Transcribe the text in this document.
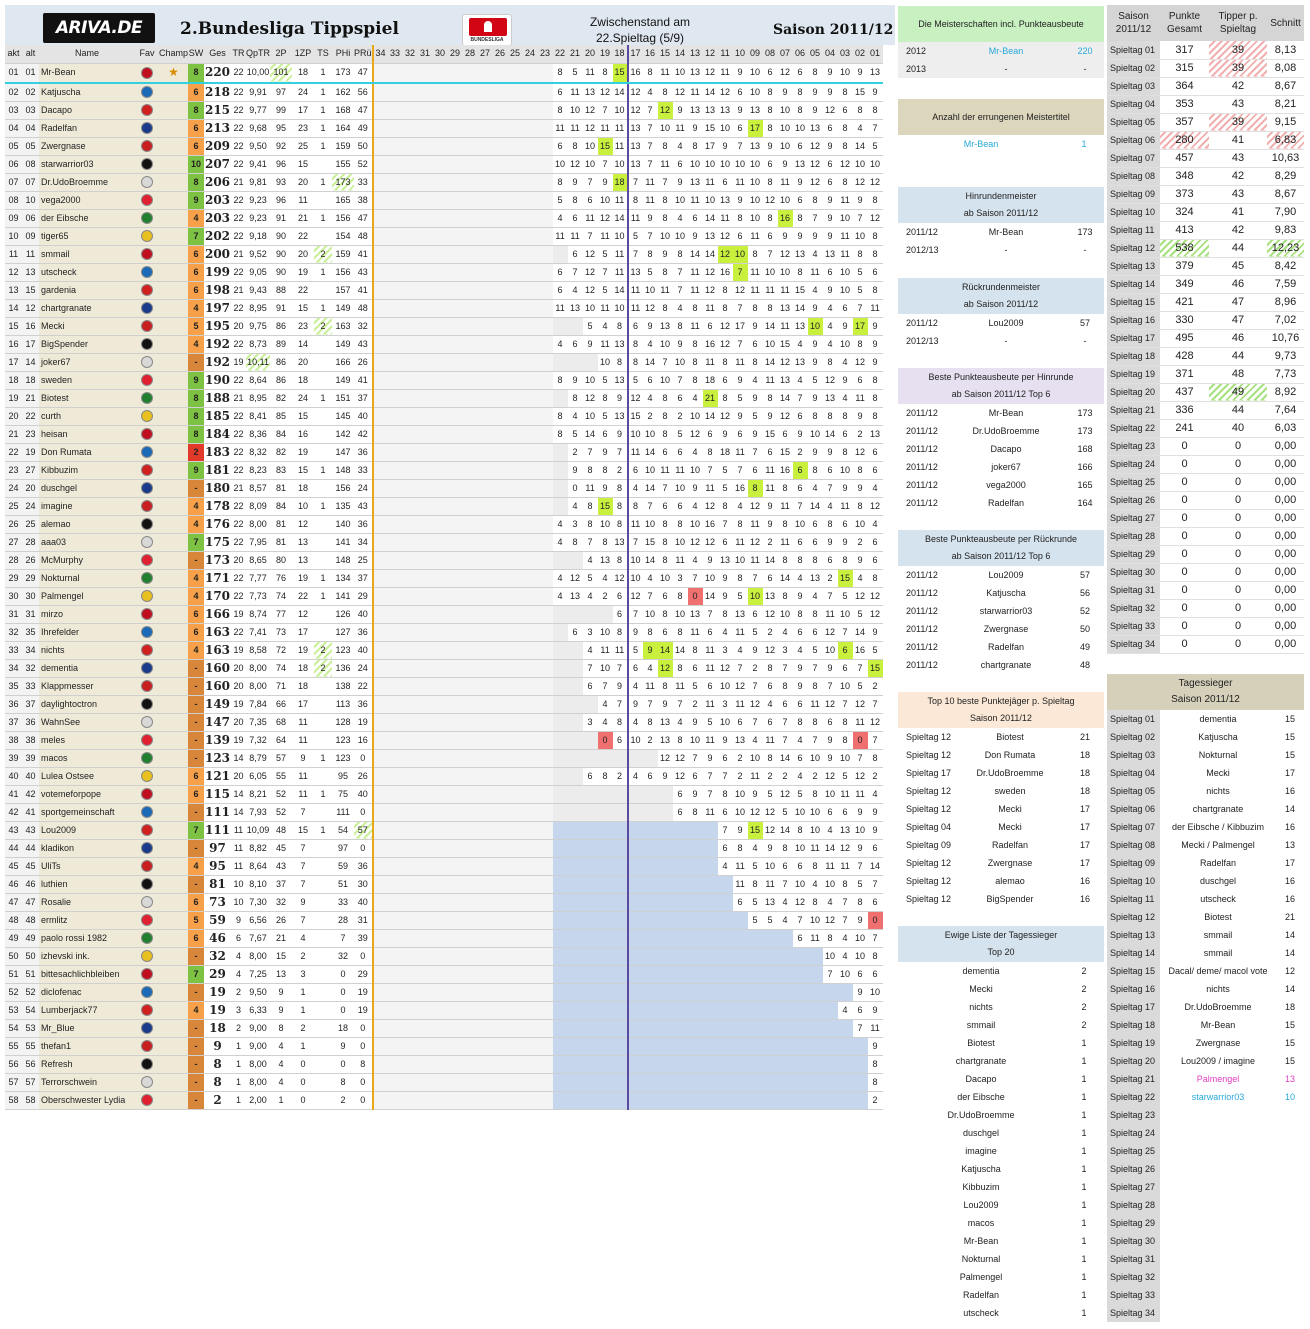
ARIVA.DE 2.Bundesliga Tippspiel
BUNDESLIGA
Zwischenstand am
22.Spieltag (5/9)	Saison 2011/12
akt	alt	Name	Fav	Champ	SW	Ges	TR	QpTR	2P	1ZP	TS	PHi	PRü	34	33	32	31	30	29	28	27	26	25	24	23	22	21	20	19	18	17	16	15	14	13	12	11	10	09	08	07	06	05	04	03	02	01
01	01	Mr-Bean		★	8	220	22	10,00	101	18	1	173	47													8	5	11	8	15	16	8	11	10	13	12	11	9	10	6	12	6	8	9	10	9	13
02	02	Katjuscha			6	218	22	9,91	97	24	1	162	56													6	11	13	12	14	12	4	8	12	11	14	12	6	10	8	9	8	9	9	8	15	9
03	03	Dacapo			8	215	22	9,77	99	17	1	168	47													8	10	12	7	10	12	7	12	9	13	13	13	9	13	8	10	8	9	12	6	8	8
04	04	Radelfan			6	213	22	9,68	95	23	1	164	49													11	11	12	11	11	13	7	10	11	9	15	10	6	17	8	10	10	13	6	8	4	7
05	05	Zwergnase			6	209	22	9,50	92	25	1	159	50													6	8	10	15	11	13	7	8	4	8	17	9	7	13	9	10	6	12	9	8	14	5
06	08	starwarrior03			10	207	22	9,41	96	15		155	52													10	12	10	7	10	13	7	11	6	10	10	10	10	10	6	9	13	12	6	12	10	10
07	07	Dr.UdoBroemme			8	206	21	9,81	93	20	1	173	33													8	9	7	9	18	7	11	7	9	13	11	6	11	10	8	11	9	12	6	8	12	12
08	10	vega2000			9	203	22	9,23	96	11		165	38													5	8	6	10	11	8	11	8	10	11	10	13	9	10	12	10	6	8	9	11	9	8
09	06	der Eibsche			4	203	22	9,23	91	21	1	156	47													4	6	11	12	14	11	9	8	4	6	14	11	8	10	8	16	8	7	9	10	7	12
10	09	tiger65			7	202	22	9,18	90	22		154	48													11	11	7	11	10	5	7	10	10	9	13	12	6	11	6	9	9	9	9	11	10	8
11	11	smmail			6	200	21	9,52	90	20	2	159	41														6	12	5	11	7	8	9	8	14	14	12	10	8	7	12	13	4	13	11	8	8
12	13	utscheck			6	199	22	9,05	90	19	1	156	43													6	7	12	7	11	13	5	8	7	11	12	16	7	11	10	10	8	11	6	10	5	6
13	15	gardenia			6	198	21	9,43	88	22		157	41													6	4	12	5	14	11	10	11	7	11	12	8	12	11	11	11	15	4	9	10	5	8
14	12	chartgranate			4	197	22	8,95	91	15	1	149	48													11	13	10	11	10	11	12	8	4	8	11	8	7	8	8	13	14	9	4	6	7	11
15	16	Mecki			5	195	20	9,75	86	23	2	163	32															5	4	8	6	9	13	8	11	6	12	17	9	14	11	13	10	4	9	17	9
16	17	BigSpender			4	192	22	8,73	89	14		149	43													4	6	9	11	13	8	4	10	9	8	16	12	7	6	10	15	4	9	4	10	8	9
17	14	joker67			-	192	19	10,11	86	20		166	26																10	8	8	14	7	10	8	11	8	11	8	14	12	13	9	8	4	12	9
18	18	sweden			9	190	22	8,64	86	18		149	41													8	9	10	5	13	5	6	10	7	8	18	6	9	4	11	13	4	5	12	9	6	8
19	21	Biotest			8	188	21	8,95	82	24	1	151	37														8	12	8	9	12	4	8	6	4	21	8	5	9	8	14	7	9	13	4	11	8
20	22	curth			8	185	22	8,41	85	15		145	40													8	4	10	5	13	15	2	8	2	10	14	12	9	5	9	12	6	8	8	8	9	8
21	23	heisan			8	184	22	8,36	84	16		142	42													8	5	14	6	9	10	10	8	5	12	6	9	6	9	15	6	9	10	14	6	2	13
22	19	Don Rumata			2	183	22	8,32	82	19		147	36														2	7	9	7	11	14	6	6	4	8	18	11	7	6	15	2	9	9	8	12	6
23	27	Kibbuzim			9	181	22	8,23	83	15	1	148	33														9	8	8	2	6	10	11	11	10	7	5	7	6	11	16	6	8	6	10	8	6
24	20	duschgel			-	180	21	8,57	81	18		156	24														0	11	9	8	4	14	7	10	9	11	5	16	8	11	8	6	4	7	9	9	4
25	24	imagine			4	178	22	8,09	84	10	1	135	43														4	8	15	8	8	7	6	6	4	12	8	4	12	9	11	7	14	4	11	8	12
26	25	alemao			4	176	22	8,00	81	12		140	36													4	3	8	10	8	11	10	8	8	10	16	7	8	11	9	8	10	6	8	6	10	4
27	28	aaa03			7	175	22	7,95	81	13		141	34													4	8	7	8	13	7	15	8	10	12	12	6	11	12	2	11	6	6	9	9	2	6
28	26	McMurphy			-	173	20	8,65	80	13		148	25															4	13	8	10	14	8	11	4	9	13	10	11	14	8	8	8	6	8	9	6
29	29	Nokturnal			4	171	22	7,77	76	19	1	134	37													4	12	5	4	12	10	4	10	3	7	10	9	8	7	6	14	4	13	2	15	4	8
30	30	Palmengel			4	170	22	7,73	74	22	1	141	29													4	13	4	2	6	12	7	6	8	0	14	9	5	10	13	8	9	4	7	5	12	12
31	31	mirzo			6	166	19	8,74	77	12		126	40																	6	7	10	8	10	13	7	8	13	6	12	10	8	8	11	10	5	12
32	35	Ihrefelder			6	163	22	7,41	73	17		127	36														6	3	10	8	9	8	6	8	11	6	4	11	5	2	4	6	6	12	7	14	9
33	34	nichts			4	163	19	8,58	72	19	2	123	40															4	11	11	5	9	14	14	8	11	3	4	9	12	3	4	5	10	6	16	5
34	32	dementia			-	160	20	8,00	74	18	2	136	24															7	10	7	6	4	12	8	6	11	12	7	2	8	7	9	7	9	6	7	15
35	33	Klappmesser			-	160	20	8,00	71	18		138	22															6	7	9	4	11	8	11	5	6	10	12	7	6	8	9	8	7	10	5	2
36	37	daylightoctron			-	149	19	7,84	66	17		113	36																4	7	9	7	9	7	2	11	3	11	12	4	6	6	11	12	7	12	7
37	36	WahnSee			-	147	20	7,35	68	11		128	19															3	4	8	4	8	13	4	9	5	10	6	7	6	7	8	8	6	8	11	12
38	38	meles			-	139	19	7,32	64	11		123	16																0	6	10	2	13	8	10	11	9	13	4	11	7	4	7	9	8	0	7
39	39	macos			-	123	14	8,79	57	9	1	123	0																				12	12	7	9	6	2	10	8	14	6	10	9	10	7	8
40	40	Lulea Ostsee			6	121	20	6,05	55	11		95	26															6	8	2	4	6	9	12	6	7	7	2	11	2	2	4	2	12	5	12	2
41	42	votemeforpope			6	115	14	8,21	52	11	1	75	40																					6	9	7	8	10	9	5	12	5	8	10	11	11	4
42	41	sportgemeinschaft			-	111	14	7,93	52	7		111	0																					6	8	11	6	10	12	12	5	10	10	6	6	9	9
43	43	Lou2009			7	111	11	10,09	48	15	1	54	57																								7	9	15	12	14	8	10	4	13	10	9
44	44	kladikon			-	97	11	8,82	45	7		97	0																								6	8	4	9	8	10	11	14	12	9	6
45	45	UliTs			4	95	11	8,64	43	7		59	36																								4	11	5	10	6	6	8	11	11	7	14
46	46	luthien			-	81	10	8,10	37	7		51	30																									11	8	11	7	10	4	10	8	5	7
47	47	Rosalie			6	73	10	7,30	32	9		33	40																									6	5	13	4	12	8	4	7	8	6
48	48	ermlitz			5	59	9	6,56	26	7		28	31																										5	5	4	7	10	12	7	9	0
49	49	paolo rossi 1982			6	46	6	7,67	21	4		7	39																													6	11	8	4	10	7
50	50	izhevski ink.			-	32	4	8,00	15	2		32	0																															10	4	10	8
51	51	bittesachlichbleiben			7	29	4	7,25	13	3		0	29																															7	10	6	6
52	52	diclofenac			-	19	2	9,50	9	1		0	19																																	9	10
53	54	Lumberjack77			4	19	3	6,33	9	1		0	19																																4	6	9
54	53	Mr_Blue			-	18	2	9,00	8	2		18	0																																	7	11
55	55	thefan1			-	9	1	9,00	4	1		9	0																																		9
56	56	Refresh			-	8	1	8,00	4	0		0	8																																		8
57	57	Terrorschwein			-	8	1	8,00	4	0		8	0																																		8
58	58	Oberschwester Lydia			-	2	1	2,00	1	0		2	0																																		2
Die Meisterschaften incl. Punkteausbeute
2012	Mr-Bean	220
2013	-	-
Anzahl der errungenen Meistertitel
Mr-Bean	1
Hinrundenmeister
ab Saison 2011/12
2011/12	Mr-Bean	173
2012/13	-	-
Rückrundenmeister
ab Saison 2011/12
2011/12	Lou2009	57
2012/13	-	-
Beste Punkteausbeute per Hinrunde
ab Saison 2011/12 Top 6
2011/12	Mr-Bean	173
2011/12	Dr.UdoBroemme	173
2011/12	Dacapo	168
2011/12	joker67	166
2011/12	vega2000	165
2011/12	Radelfan	164
Beste Punkteausbeute per Rückrunde
ab Saison 2011/12 Top 6
2011/12	Lou2009	57
2011/12	Katjuscha	56
2011/12	starwarrior03	52
2011/12	Zwergnase	50
2011/12	Radelfan	49
2011/12	chartgranate	48
Top 10 beste Punktejäger p. Spieltag
Saison 2011/12
Spieltag 12	Biotest	21
Spieltag 12	Don Rumata	18
Spieltag 17	Dr.UdoBroemme	18
Spieltag 12	sweden	18
Spieltag 12	Mecki	17
Spieltag 04	Mecki	17
Spieltag 09	Radelfan	17
Spieltag 12	Zwergnase	17
Spieltag 12	alemao	16
Spieltag 12	BigSpender	16
Ewige Liste der Tagessieger
Top 20
dementia	2
Mecki	2
nichts	2
smmail	2
Biotest	1
chartgranate	1
Dacapo	1
der Eibsche	1
Dr.UdoBroemme	1
duschgel	1
imagine	1
Katjuscha	1
Kibbuzim	1
Lou2009	1
macos	1
Mr-Bean	1
Nokturnal	1
Palmengel	1
Radelfan	1
utscheck	1
Saison 2011/12	Punkte Gesamt	Tipper p. Spieltag	Schnitt
Spieltag 01	317	39	8,13
Spieltag 02	315	39	8,08
Spieltag 03	364	42	8,67
Spieltag 04	353	43	8,21
Spieltag 05	357	39	9,15
Spieltag 06	280	41	6,83
Spieltag 07	457	43	10,63
Spieltag 08	348	42	8,29
Spieltag 09	373	43	8,67
Spieltag 10	324	41	7,90
Spieltag 11	413	42	9,83
Spieltag 12	538	44	12,23
Spieltag 13	379	45	8,42
Spieltag 14	349	46	7,59
Spieltag 15	421	47	8,96
Spieltag 16	330	47	7,02
Spieltag 17	495	46	10,76
Spieltag 18	428	44	9,73
Spieltag 19	371	48	7,73
Spieltag 20	437	49	8,92
Spieltag 21	336	44	7,64
Spieltag 22	241	40	6,03
Spieltag 23	0	0	0,00
Spieltag 24	0	0	0,00
Spieltag 25	0	0	0,00
Spieltag 26	0	0	0,00
Spieltag 27	0	0	0,00
Spieltag 28	0	0	0,00
Spieltag 29	0	0	0,00
Spieltag 30	0	0	0,00
Spieltag 31	0	0	0,00
Spieltag 32	0	0	0,00
Spieltag 33	0	0	0,00
Spieltag 34	0	0	0,00
Tagessieger
Saison 2011/12
Spieltag 01	dementia	15
Spieltag 02	Katjuscha	15
Spieltag 03	Nokturnal	15
Spieltag 04	Mecki	17
Spieltag 05	nichts	16
Spieltag 06	chartgranate	14
Spieltag 07	der Eibsche / Kibbuzim	16
Spieltag 08	Mecki / Palmengel	13
Spieltag 09	Radelfan	17
Spieltag 10	duschgel	16
Spieltag 11	utscheck	16
Spieltag 12	Biotest	21
Spieltag 13	smmail	14
Spieltag 14	smmail	14
Spieltag 15	Dacal/ deme/ macol vote	12
Spieltag 16	nichts	14
Spieltag 17	Dr.UdoBroemme	18
Spieltag 18	Mr-Bean	15
Spieltag 19	Zwergnase	15
Spieltag 20	Lou2009 / imagine	15
Spieltag 21	Palmengel	13
Spieltag 22	starwarrior03	10
Spieltag 23		
Spieltag 24		
Spieltag 25		
Spieltag 26		
Spieltag 27		
Spieltag 28		
Spieltag 29		
Spieltag 30		
Spieltag 31		
Spieltag 32		
Spieltag 33		
Spieltag 34		
